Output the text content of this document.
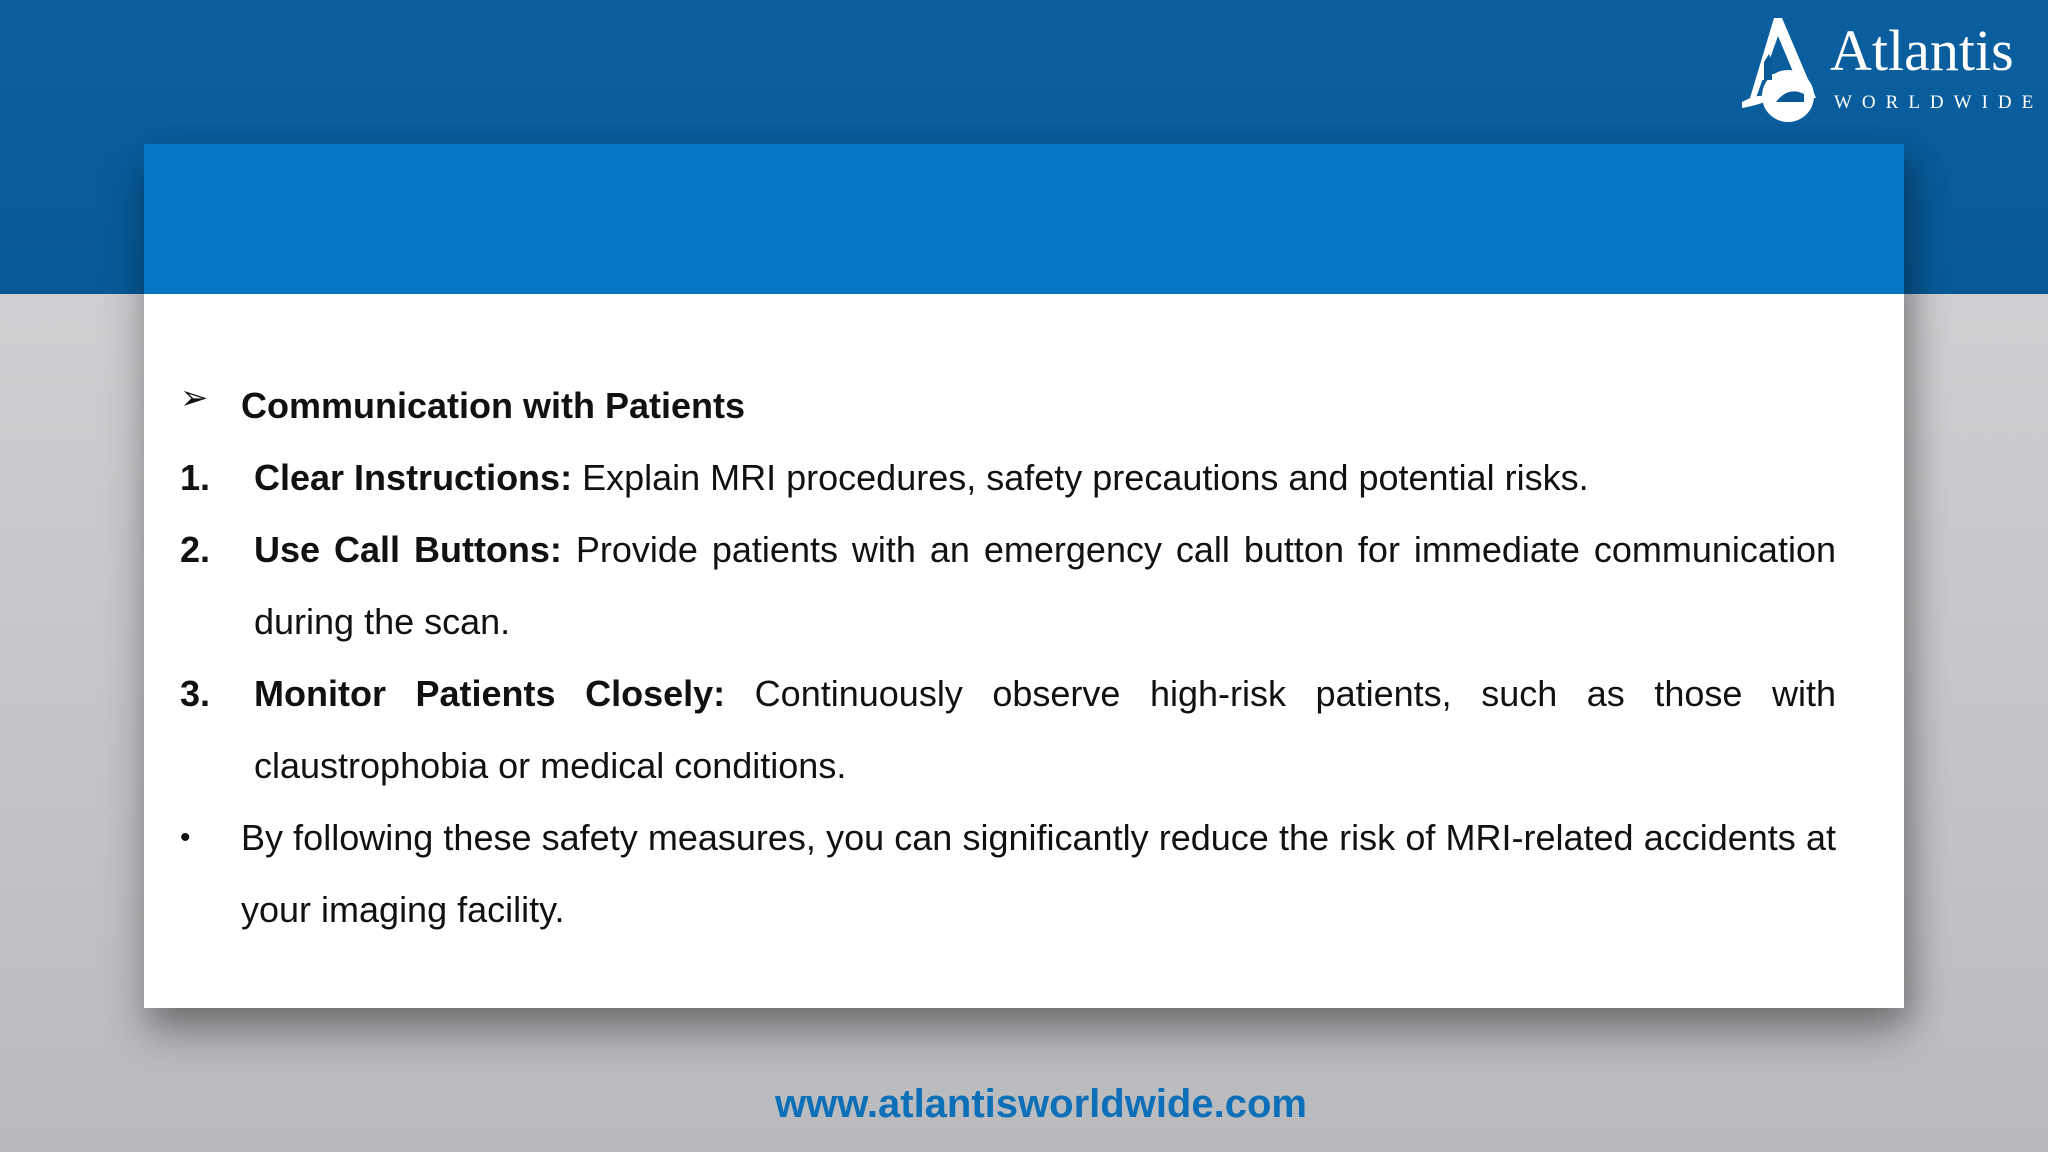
Atlantis
WORLDWIDE
➢ Communication with Patients
1. Clear Instructions: Explain MRI procedures, safety precautions and potential risks.
2. Use Call Buttons: Provide patients with an emergency call button for immediate communication during the scan.
3. Monitor Patients Closely: Continuously observe high-risk patients, such as those with claustrophobia or medical conditions.
• By following these safety measures, you can significantly reduce the risk of MRI-related accidents at your imaging facility.
www.atlantisworldwide.com
